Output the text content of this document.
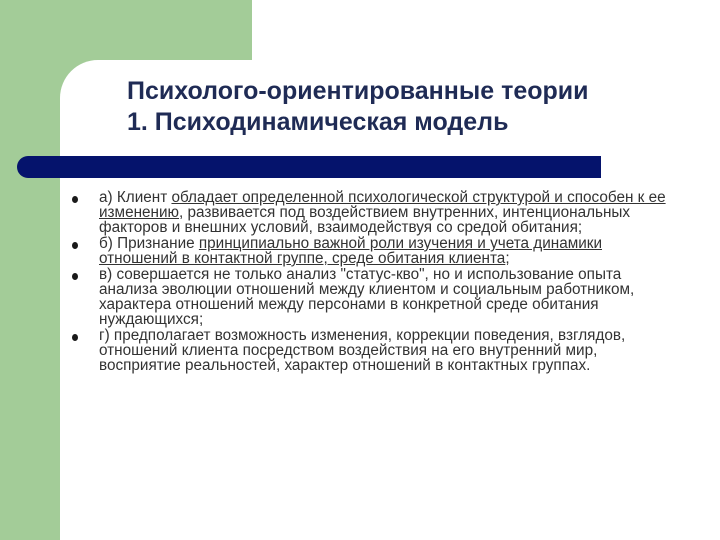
Психолого-ориентированные теории
1. Психодинамическая модель
а) Клиент обладает определенной психологической структурой и способен к ее изменению, развивается под воздействием внутренних, интенциональных факторов и внешних условий, взаимодействуя со средой обитания;
б) Признание принципиально важной роли изучения и учета динамики отношений в контактной группе, среде обитания клиента;
в) совершается не только анализ "статус-кво", но и использование опыта анализа эволюции отношений между клиентом и социальным работником, характера отношений между персонами в конкретной среде обитания нуждающихся;
г) предполагает возможность изменения, коррекции поведения, взглядов, отношений клиента посредством воздействия на его внутренний мир, восприятие реальностей, характер отношений в контактных группах.
